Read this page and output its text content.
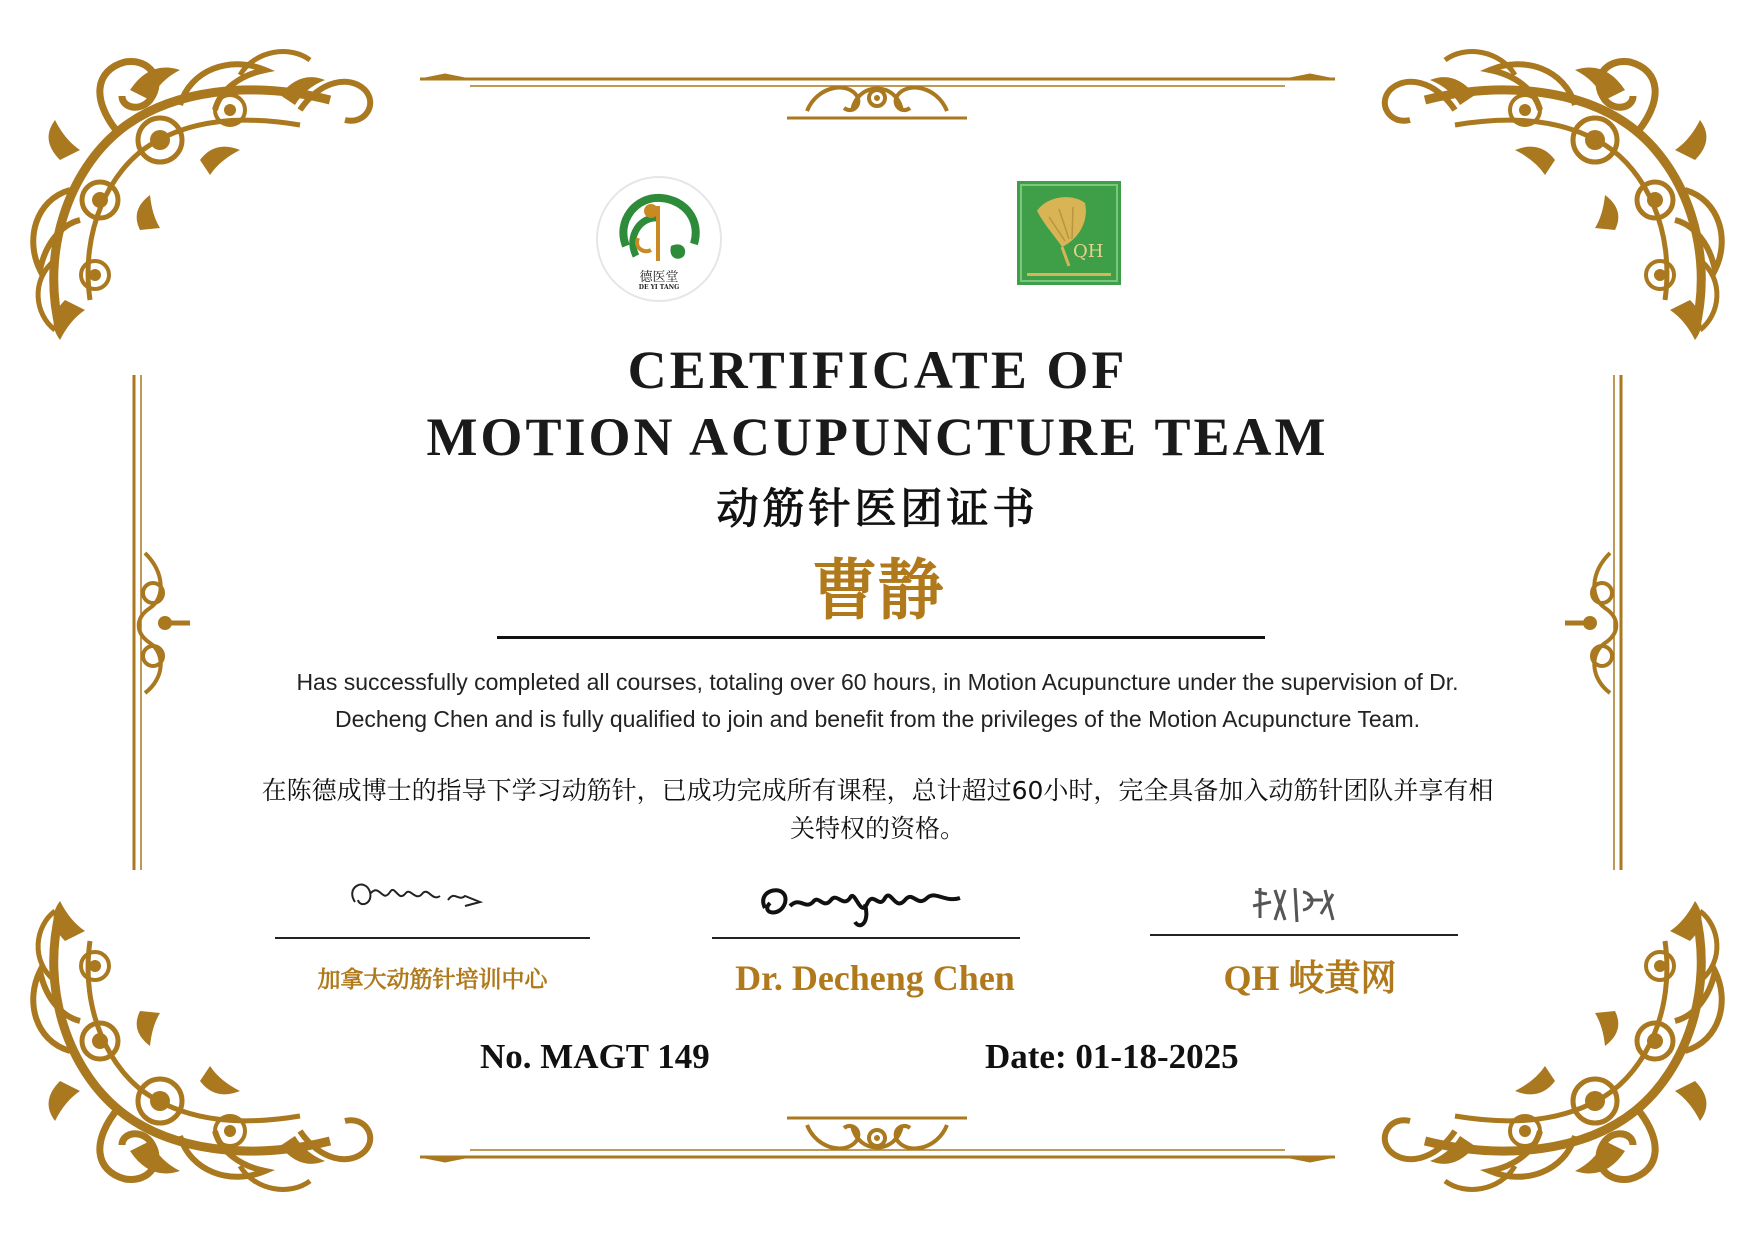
德医堂
DE YI TANG
QH
CERTIFICATE OF
MOTION ACUPUNCTURE TEAM
动筋针医团证书
曹静

Has successfully completed all courses, totaling over 60 hours, in Motion Acupuncture under the supervision of Dr. Decheng Chen and is fully qualified to join and benefit from the privileges of the Motion Acupuncture Team.

在陈德成博士的指导下学习动筋针，已成功完成所有课程，总计超过60小时，完全具备加入动筋针团队并享有相关特权的资格。

加拿大动筋针培训中心	Dr. Decheng Chen	QH 岐黄网
No. MAGT 149	Date: 01-18-2025
